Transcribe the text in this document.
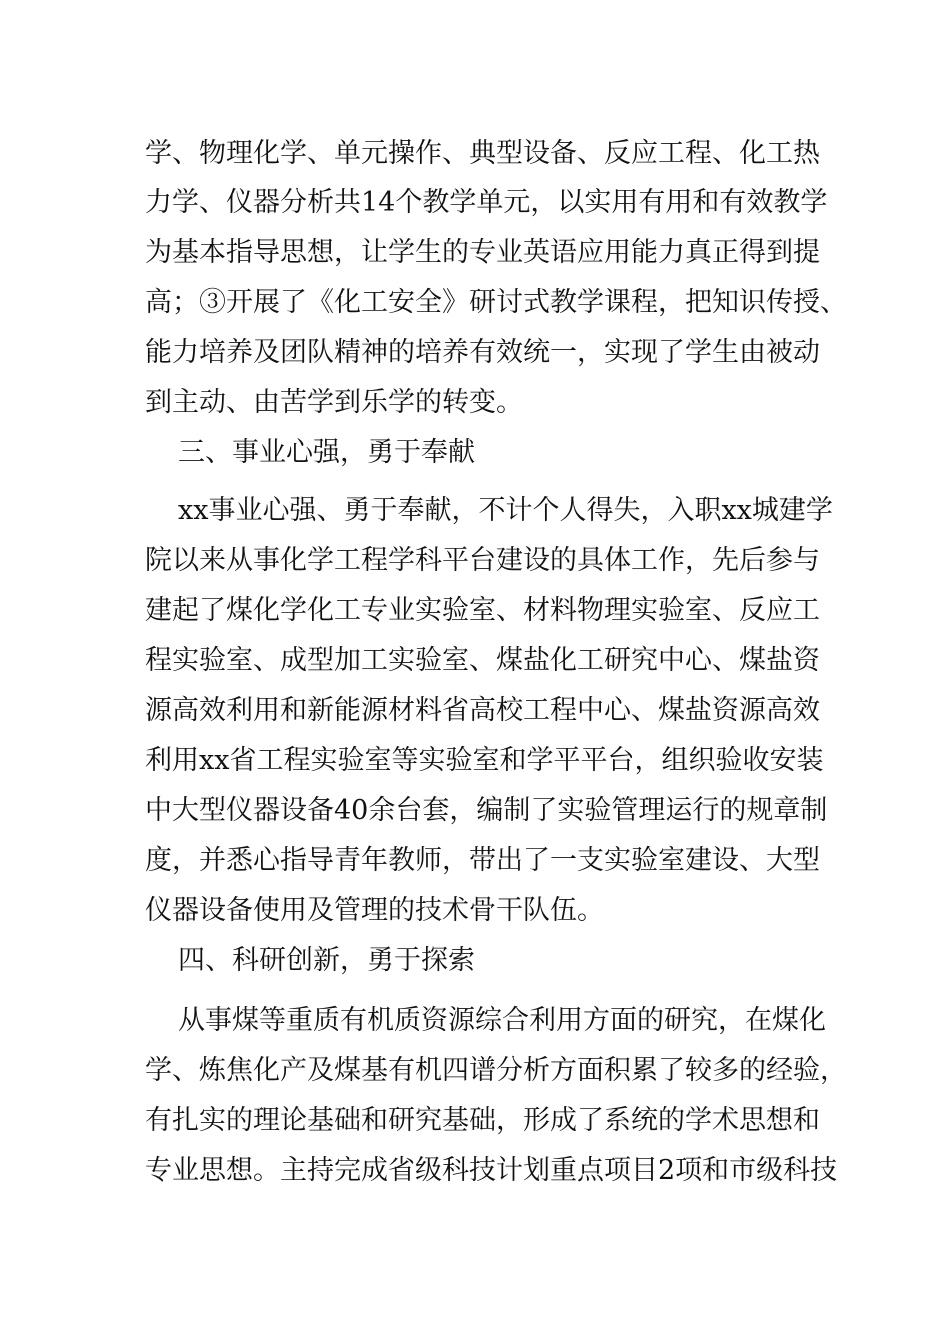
学、物理化学、单元操作、典型设备、反应工程、化工热
力学、仪器分析共14个教学单元，以实用有用和有效教学
为基本指导思想，让学生的专业英语应用能力真正得到提
高；③开展了《化工安全》研讨式教学课程，把知识传授、
能力培养及团队精神的培养有效统一，实现了学生由被动
到主动、由苦学到乐学的转变。
三、事业心强，勇于奉献
xx事业心强、勇于奉献，不计个人得失，入职xx城建学
院以来从事化学工程学科平台建设的具体工作，先后参与
建起了煤化学化工专业实验室、材料物理实验室、反应工
程实验室、成型加工实验室、煤盐化工研究中心、煤盐资
源高效利用和新能源材料省高校工程中心、煤盐资源高效
利用xx省工程实验室等实验室和学平平台，组织验收安装
中大型仪器设备40余台套，编制了实验管理运行的规章制
度，并悉心指导青年教师，带出了一支实验室建设、大型
仪器设备使用及管理的技术骨干队伍。
四、科研创新，勇于探索
从事煤等重质有机质资源综合利用方面的研究，在煤化
学、炼焦化产及煤基有机四谱分析方面积累了较多的经验，
有扎实的理论基础和研究基础，形成了系统的学术思想和
专业思想。主持完成省级科技计划重点项目2项和市级科技
